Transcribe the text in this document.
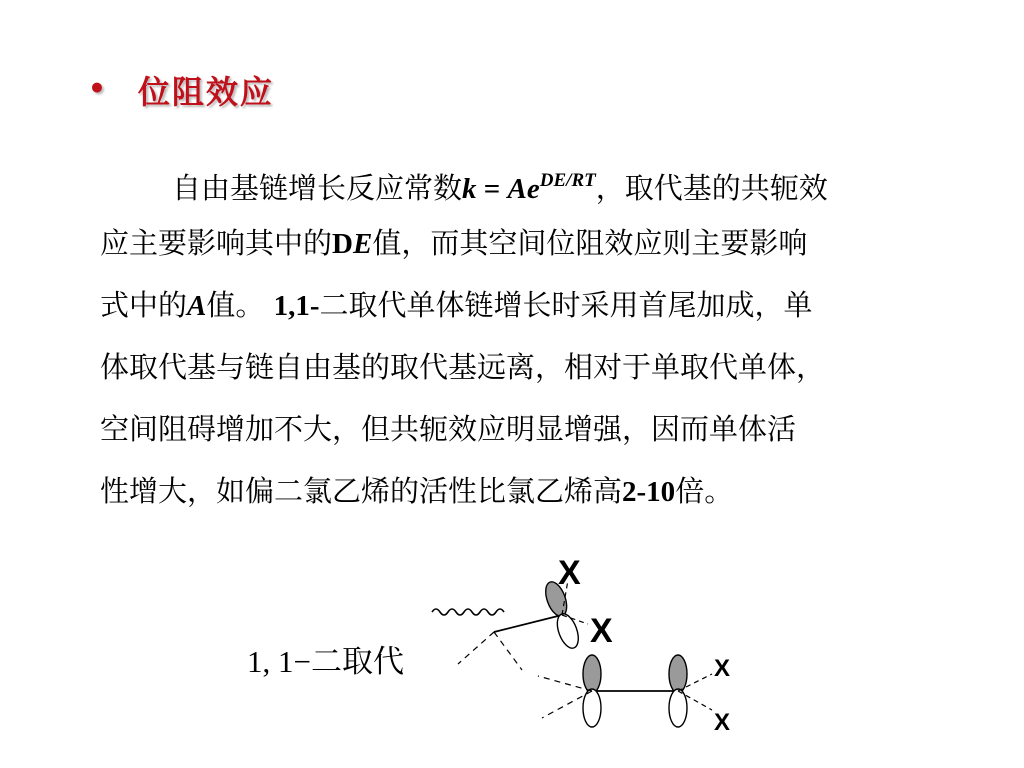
• 位阻效应
自由基链增长反应常数$k = Ae^{DE/RT}$，取代基的共轭效
应主要影响其中的DE值，而其空间位阻效应则主要影响
式中的A值。 1,1-二取代单体链增长时采用首尾加成，单
体取代基与链自由基的取代基远离，相对于单取代单体，
空间阻碍增加不大，但共轭效应明显增强，因而单体活
性增大，如偏二氯乙烯的活性比氯乙烯高2-10倍。
1, 1−二取代
X
X
X
X
